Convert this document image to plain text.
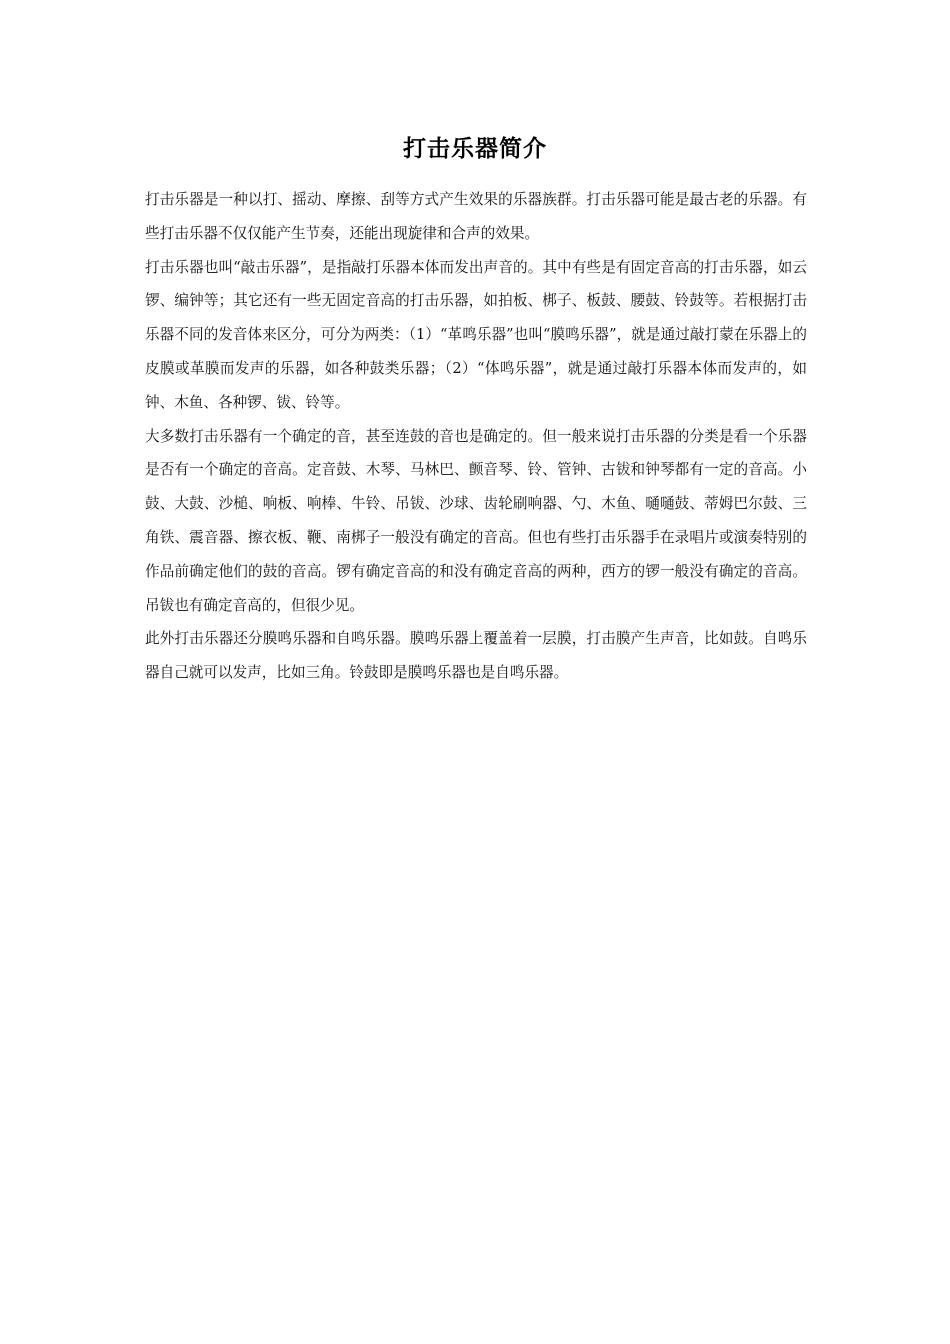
打击乐器简介

打击乐器是一种以打、摇动、摩擦、刮等方式产生效果的乐器族群。打击乐器可能是最古老的乐器。有些打击乐器不仅仅能产生节奏，还能出现旋律和合声的效果。

打击乐器也叫“敲击乐器”，是指敲打乐器本体而发出声音的。其中有些是有固定音高的打击乐器，如云锣、编钟等；其它还有一些无固定音高的打击乐器，如拍板、梆子、板鼓、腰鼓、铃鼓等。若根据打击乐器不同的发音体来区分，可分为两类：（1）“革鸣乐器”也叫“膜鸣乐器”，就是通过敲打蒙在乐器上的皮膜或革膜而发声的乐器，如各种鼓类乐器；（2）“体鸣乐器”，就是通过敲打乐器本体而发声的，如钟、木鱼、各种锣、钹、铃等。

大多数打击乐器有一个确定的音，甚至连鼓的音也是确定的。但一般来说打击乐器的分类是看一个乐器是否有一个确定的音高。定音鼓、木琴、马林巴、颤音琴、铃、管钟、古钹和钟琴都有一定的音高。小鼓、大鼓、沙槌、响板、响棒、牛铃、吊钹、沙球、齿轮刷响器、勺、木鱼、嗵嗵鼓、蒂姆巴尔鼓、三角铁、震音器、擦衣板、鞭、南梆子一般没有确定的音高。但也有些打击乐器手在录唱片或演奏特别的作品前确定他们的鼓的音高。锣有确定音高的和没有确定音高的两种，西方的锣一般没有确定的音高。吊钹也有确定音高的，但很少见。

此外打击乐器还分膜鸣乐器和自鸣乐器。膜鸣乐器上覆盖着一层膜，打击膜产生声音，比如鼓。自鸣乐器自己就可以发声，比如三角。铃鼓即是膜鸣乐器也是自鸣乐器。
